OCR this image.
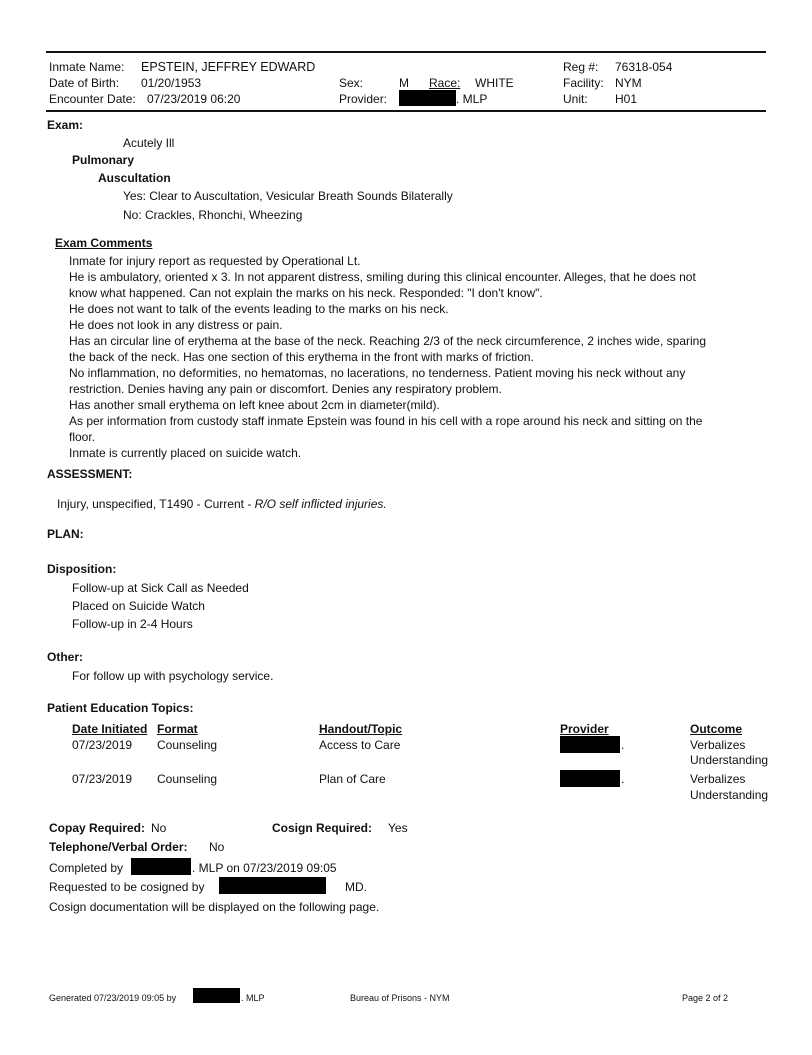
Inmate Name: EPSTEIN, JEFFREY EDWARD
Date of Birth: 01/20/1953
Encounter Date: 07/23/2019 06:20
Sex:	M Race: WHITE
Provider:	. MLP
Reg #: 76318-054
Facility: NYM
Unit: H01
Exam:
Acutely Ill
Pulmonary
Auscultation
Yes: Clear to Auscultation, Vesicular Breath Sounds Bilaterally
No: Crackles, Rhonchi, Wheezing
Exam Comments
Inmate for injury report as requested by Operational Lt.
He is ambulatory, oriented x 3. In not apparent distress, smiling during this clinical encounter. Alleges, that he does not
know what happened. Can not explain the marks on his neck. Responded: "I don't know".
He does not want to talk of the events leading to the marks on his neck.
He does not look in any distress or pain.
Has an circular line of erythema at the base of the neck. Reaching 2/3 of the neck circumference, 2 inches wide, sparing
the back of the neck. Has one section of this erythema in the front with marks of friction.
No inflammation, no deformities, no hematomas, no lacerations, no tenderness. Patient moving his neck without any
restriction. Denies having any pain or discomfort. Denies any respiratory problem.
Has another small erythema on left knee about 2cm in diameter(mild).
As per information from custody staff inmate Epstein was found in his cell with a rope around his neck and sitting on the
floor.
Inmate is currently placed on suicide watch.
ASSESSMENT:
Injury, unspecified, T1490 - Current - R/O self inflicted injuries.
PLAN:
Disposition:
Follow-up at Sick Call as Needed
Placed on Suicide Watch
Follow-up in 2-4 Hours
Other:
For follow up with psychology service.
Patient Education Topics:
Date Initiated Format	Handout/Topic	Provider	Outcome
07/23/2019 Counseling	Access to Care	.	Verbalizes
Understanding
07/23/2019 Counseling	Plan of Care	.	Verbalizes
Understanding
Copay Required: No	Cosign Required: Yes
Telephone/Verbal Order: No
Completed by	. MLP on 07/23/2019 09:05
Requested to be cosigned by	MD.
Cosign documentation will be displayed on the following page.
Generated 07/23/2019 09:05 by	. MLP	Bureau of Prisons - NYM	Page 2 of 2
